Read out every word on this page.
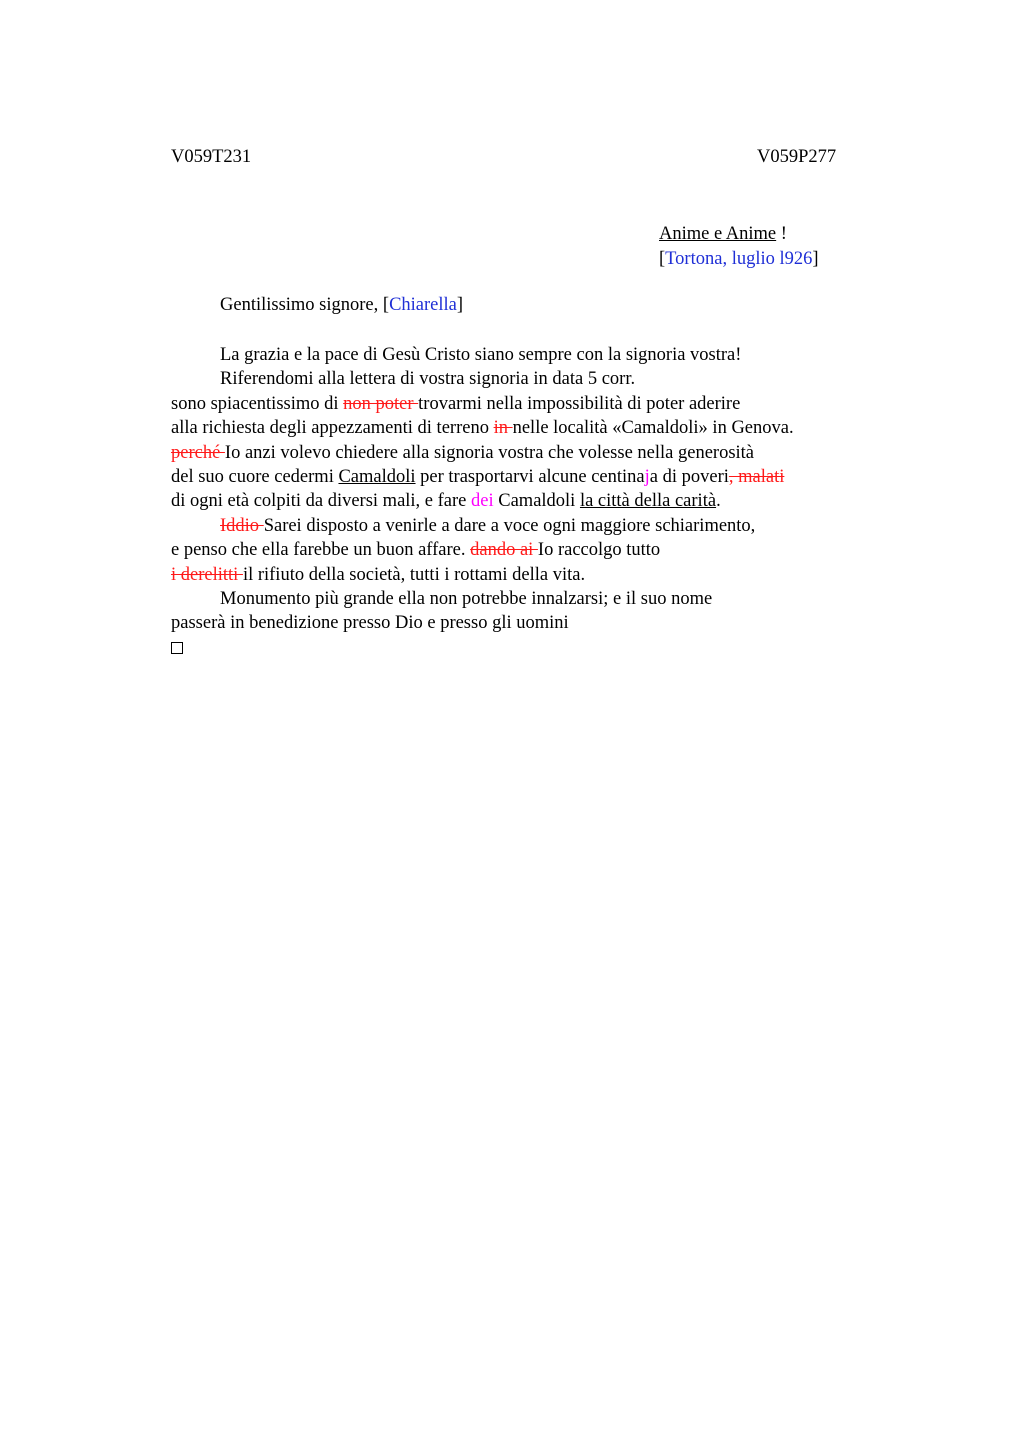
V059T231	V059P277
Anime e Anime !
[Tortona, luglio l926]
Gentilissimo signore, [Chiarella]
La grazia e la pace di Gesù Cristo siano sempre con la signoria vostra!
Riferendomi alla lettera di vostra signoria in data 5 corr.
sono spiacentissimo di non poter trovarmi nella impossibilità di poter aderire
alla richiesta degli appezzamenti di terreno in nelle località «Camaldoli» in Genova.
perché Io anzi volevo chiedere alla signoria vostra che volesse nella generosità
del suo cuore cedermi Camaldoli per trasportarvi alcune centinaja di poveri, malati
di ogni età colpiti da diversi mali, e fare dei Camaldoli la città della carità.
Iddio Sarei disposto a venirle a dare a voce ogni maggiore schiarimento,
e penso che ella farebbe un buon affare. dando ai Io raccolgo tutto
i derelitti il rifiuto della società, tutti i rottami della vita.
Monumento più grande ella non potrebbe innalzarsi; e il suo nome
passerà in benedizione presso Dio e presso gli uomini
